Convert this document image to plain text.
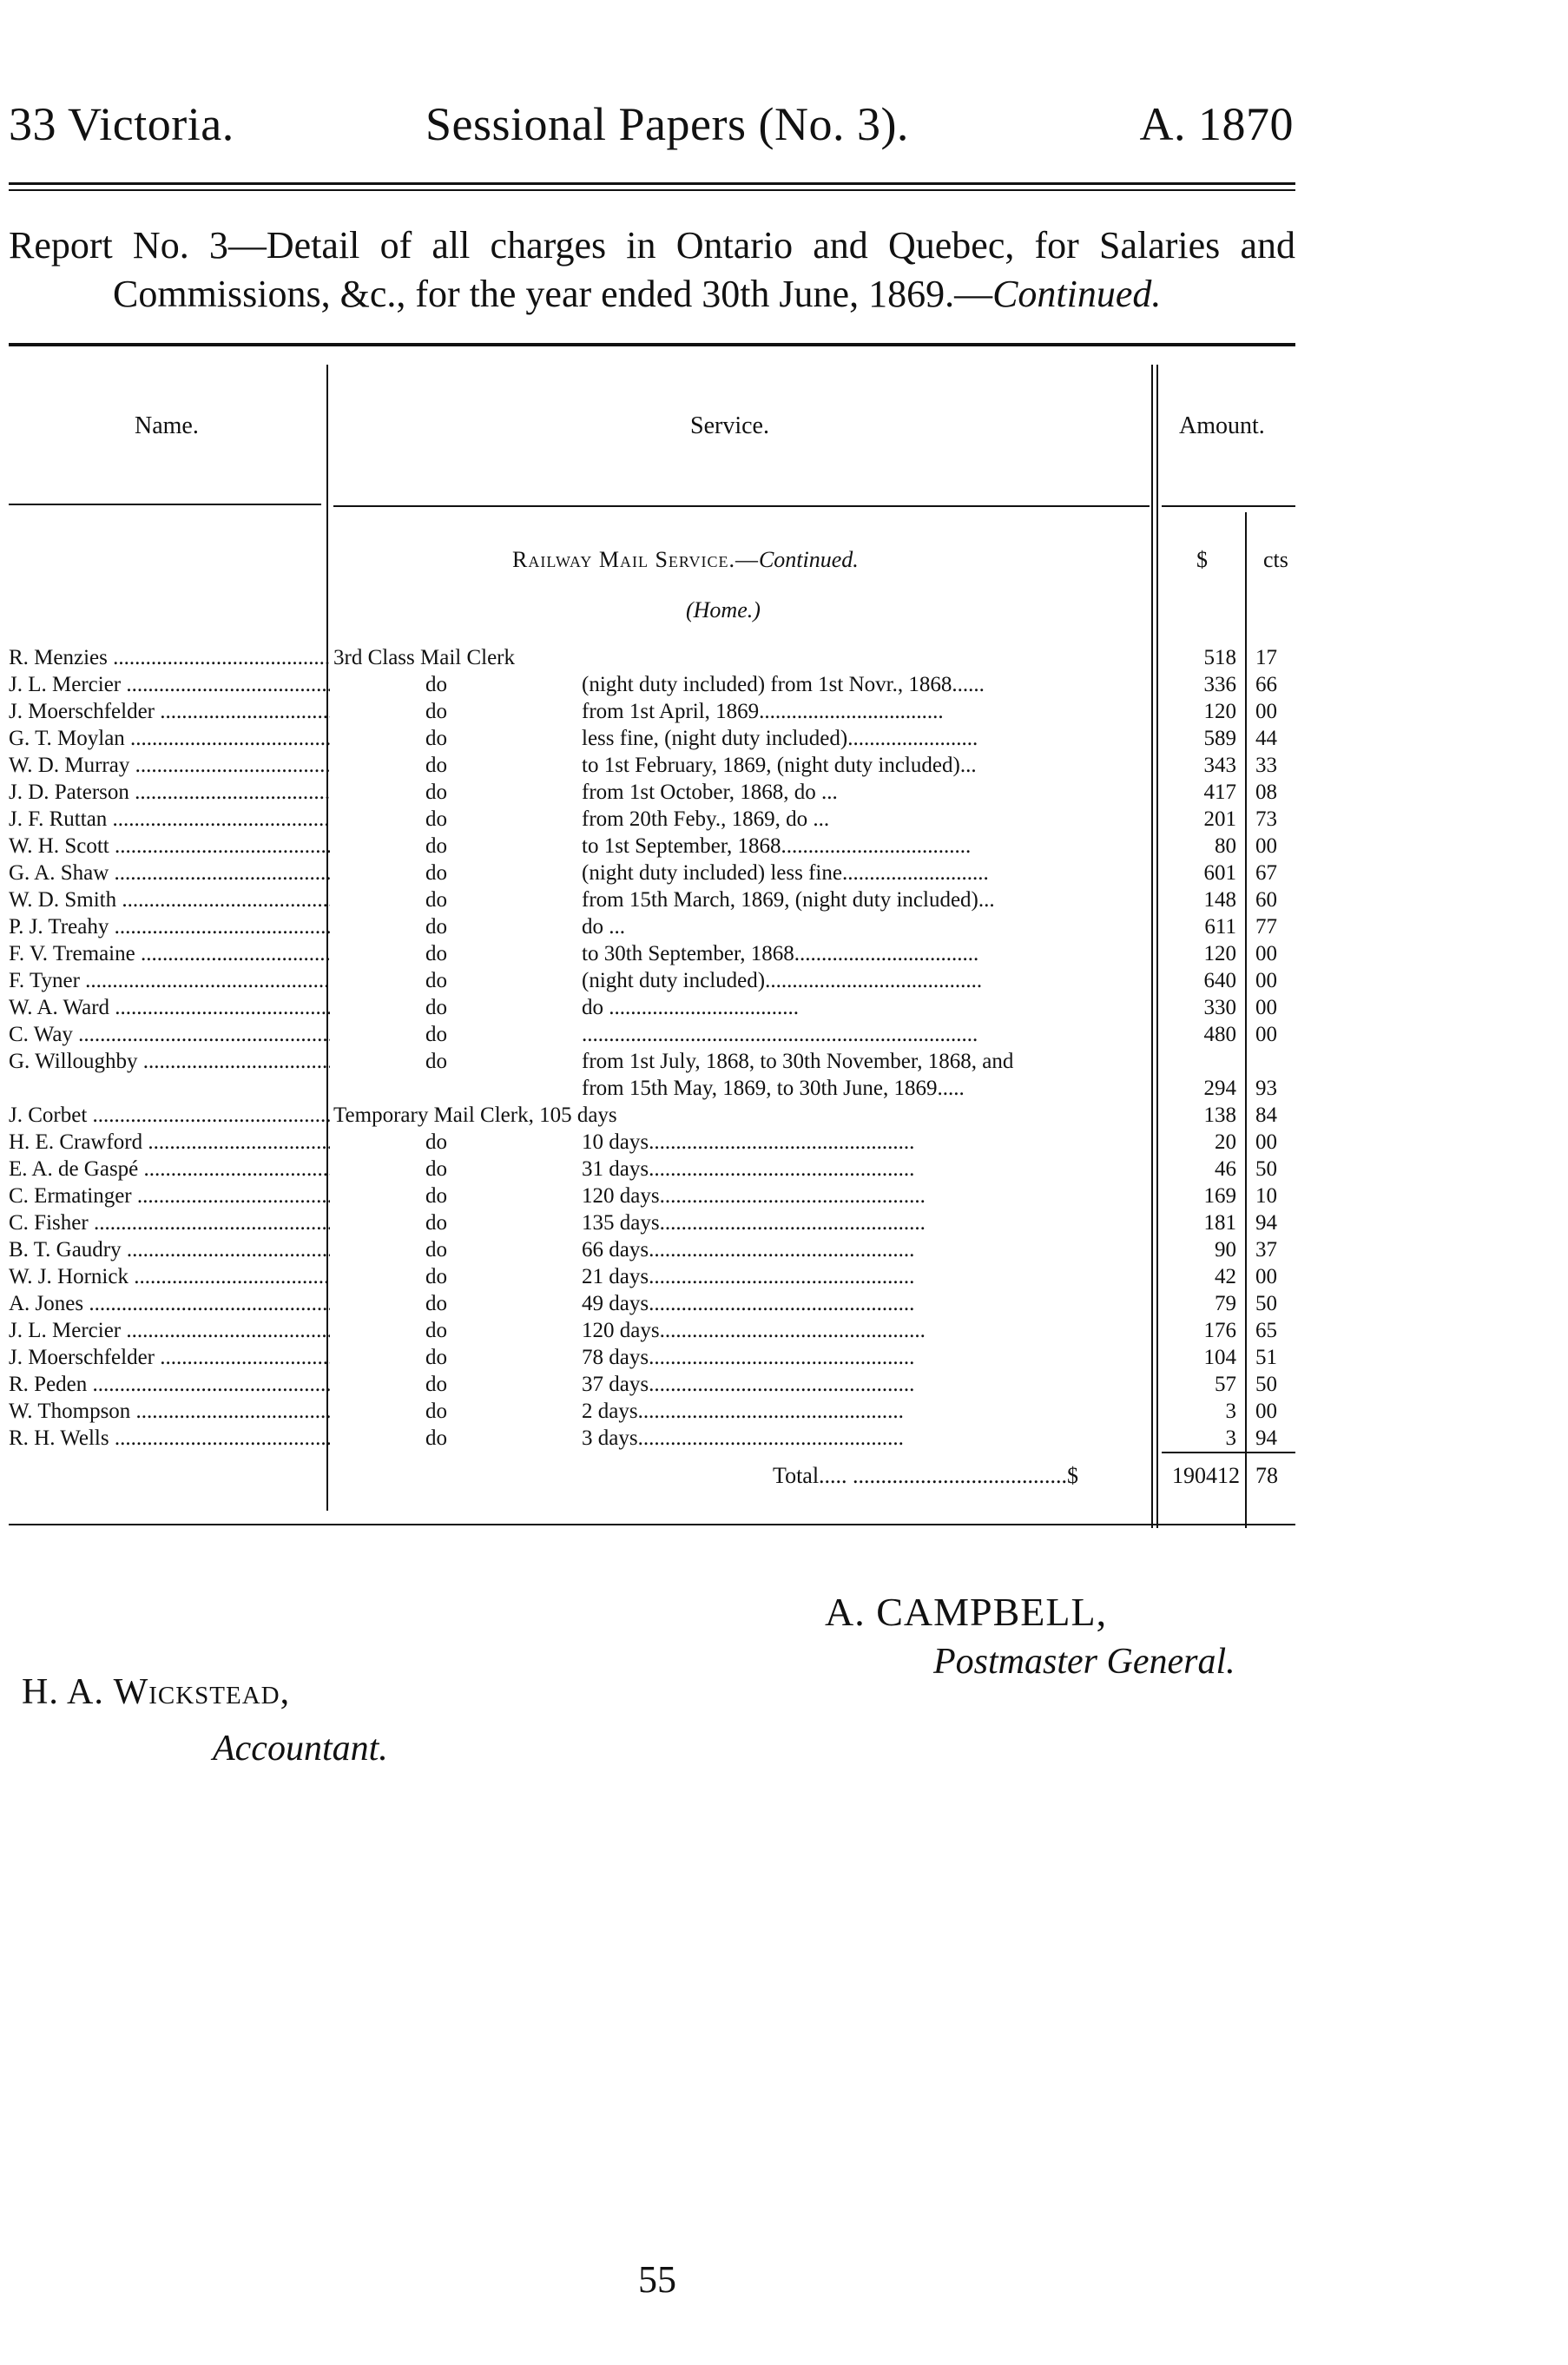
33 Victoria.	Sessional Papers (No. 3).	A. 1870
Report No. 3—Detail of all charges in Ontario and Quebec, for Salaries and
Commissions, &c., for the year ended 30th June, 1869.—Continued.
Name.	Service.	Amount.
Railway Mail Service.—Continued.
(Home.)
$ cts
R. Menzies .....	3rd Class Mail Clerk	518 17
J. L. Mercier .....	do	(night duty included) from 1st Novr., 1868......	336 66
J. Moerschfelder .....	do	from 1st April, 1869..................................	120 00
G. T. Moylan .....	do	less fine, (night duty included)........................	589 44
W. D. Murray .....	do	to 1st February, 1869, (night duty included)...	343 33
J. D. Paterson .....	do	from 1st October, 1868, do ...	417 08
J. F. Ruttan .....	do	from 20th Feby., 1869, do ...	201 73
W. H. Scott .....	do	to 1st September, 1868...................................	80 00
G. A. Shaw .....	do	(night duty included) less fine...........................	601 67
W. D. Smith .....	do	from 15th March, 1869, (night duty included)...	148 60
P. J. Treahy .....	do	do ...	611 77
F. V. Tremaine .....	do	to 30th September, 1868..................................	120 00
F. Tyner .....	do	(night duty included)........................................	640 00
W. A. Ward .....	do	do ...................................	330 00
C. Way .....	do	.........................................................................	480 00
G. Willoughby .....	do	from 1st July, 1868, to 30th November, 1868, and
from 15th May, 1869, to 30th June, 1869.....	294 93
J. Corbet .....	Temporary Mail Clerk, 105 days	138 84
H. E. Crawford .....	do	10 days.................................................	20 00
E. A. de Gaspé .....	do	31 days.................................................	46 50
C. Ermatinger .....	do	120 days.................................................	169 10
C. Fisher .....	do	135 days.................................................	181 94
B. T. Gaudry .....	do	66 days.................................................	90 37
W. J. Hornick .....	do	21 days.................................................	42 00
A. Jones .....	do	49 days.................................................	79 50
J. L. Mercier .....	do	120 days.................................................	176 65
J. Moerschfelder .....	do	78 days.................................................	104 51
R. Peden .....	do	37 days.................................................	57 50
W. Thompson .....	do	2 days.................................................	3 00
R. H. Wells .....	do	3 days.................................................	3 94
Total..... ......................................$	190412 78
A. CAMPBELL,
Postmaster General.
H. A. Wickstead,
Accountant.
55
